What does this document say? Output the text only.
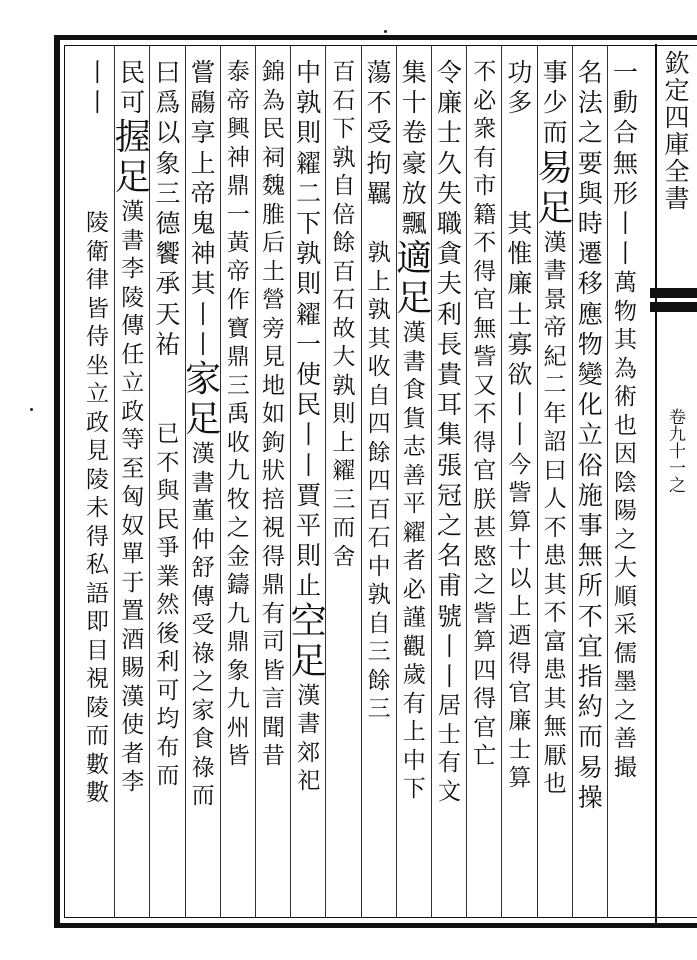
欽定四庫全書
卷九十一之
一
動
合
無
形
丨
丨
萬
物
其
為
術
也
因
陰
陽
之
大
順
采
儒
墨
之
善
撮
名
法
之
要
與
時
遷
移
應
物
變
化
立
俗
施
事
無
所
不
宜
指
約
而
易
操
事
少
而
易
足
漢
書
景
帝
紀
二
年
詔
曰
人
不
患
其
不
富
患
其
無
厭
也
功
多

其
惟
廉
士
寡
欲
丨
丨
今
訾
算
十
以
上
迺
得
官
廉
士
算
不
必
衆
有
市
籍
不
得
官
無
訾
又
不
得
官
朕
甚
愍
之
訾
算
四
得
官
亡
令
廉
士
久
失
職
貪
夫
利
長
貴
耳
集
張
冠
之
名
甫
號
丨
丨
居
士
有
文
集
十
卷
豪
放
飄
適
足
漢
書
食
貨
志
善
平
糴
者
必
謹
觀
歲
有
上
中
下
蕩
不
受
拘
羈

孰
上
孰
其
收
自
四
餘
四
百
石
中
孰
自
三
餘
三
百
石
下
孰
自
倍
餘
百
石
故
大
孰
則
上
糴
三
而
舍
中
孰
則
糴
二
下
孰
則
糴
一
使
民
丨
丨
賈
平
則
止
空
足
漢
書
郊
祀
錦
為
民
祠
魏
脽
后
土
營
旁
見
地
如
鉤
狀
掊
視
得
鼎
有
司
皆
言
聞
昔
泰
帝
興
神
鼎
一
黃
帝
作
寶
鼎
三
禹
收
九
牧
之
金
鑄
九
鼎
象
九
州
皆
嘗
鬺
享
上
帝
鬼
神
其
丨
丨
家
足
漢
書
董
仲
舒
傳
受
祿
之
家
食
祿
而
曰
爲
以
象
三
德
饗
承
天
祐

已
不
與
民
爭
業
然
後
利
可
均
布
而
民
可
握
足
漢
書
李
陵
傳
任
立
政
等
至
匈
奴
單
于
置
酒
賜
漢
使
者
李
丨
丨

陵
衛
律
皆
侍
坐
立
政
見
陵
未
得
私
語
即
目
視
陵
而
數
數
